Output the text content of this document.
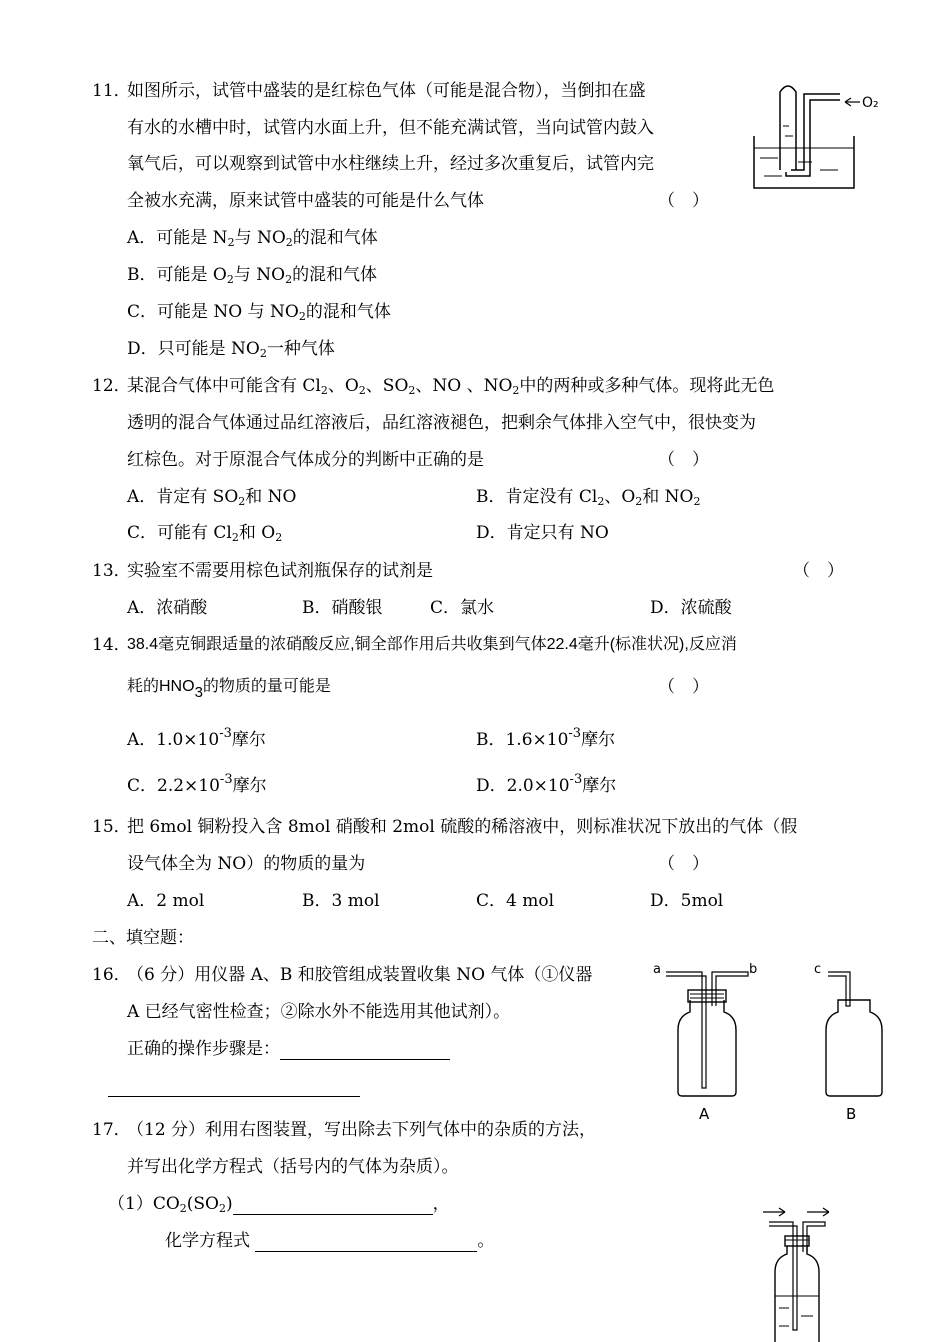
11．
如图所示，试管中盛装的是红棕色气体（可能是混合物），当倒扣在盛
有水的水槽中时，试管内水面上升，但不能充满试管，当向试管内鼓入
氧气后，可以观察到试管中水柱继续上升，经过多次重复后，试管内完
全被水充满，原来试管中盛装的可能是什么气体	（　）
A．可能是 $N_2$与 $NO_2$的混和气体
B．可能是 $O_2$与 $NO_2$的混和气体
C．可能是 NO 与 $NO_2$的混和气体
D．只可能是 $NO_2$一种气体
O₂
12．
某混合气体中可能含有 $Cl_2$、$O_2$、$SO_2$、NO 、$NO_2$中的两种或多种气体。现将此无色
透明的混合气体通过品红溶液后，品红溶液褪色，把剩余气体排入空气中，很快变为
红棕色。对于原混合气体成分的判断中正确的是	（　）
A．肯定有 $SO_2$和 NO	B．肯定没有 $Cl_2$、$O_2$和 $NO_2$
C．可能有 $Cl_2$和 $O_2$	D．肯定只有 NO
13．
实验室不需要用棕色试剂瓶保存的试剂是	（　）
A．浓硝酸	B．硝酸银	C．氯水	D．浓硫酸
14．
38.4毫克铜跟适量的浓硝酸反应,铜全部作用后共收集到气体22.4毫升(标准状况),反应消
耗的HNO3的物质的量可能是	（　）
A．$1.0\times 10^{-3}$摩尔	B．$1.6\times 10^{-3}$摩尔
C．$2.2\times 10^{-3}$摩尔	D．$2.0\times 10^{-3}$摩尔
15．
把 6mol 铜粉投入含 8mol 硝酸和 2mol 硫酸的稀溶液中，则标准状况下放出的气体（假
设气体全为 NO）的物质的量为	（　）
A．2 mol	B．3 mol	C．4 mol	D．5mol
二、填空题：
16．
（6 分）用仪器 A、B 和胶管组成装置收集 NO 气体（①仪器
A 已经气密性检查；②除水外不能选用其他试剂）。
正确的操作步骤是：
a	b	c
A	B
17．
（12 分）利用右图装置，写出除去下列气体中的杂质的方法，
并写出化学方程式（括号内的气体为杂质）。
$(1)CO_2(SO_2)$	，
化学方程式	。
